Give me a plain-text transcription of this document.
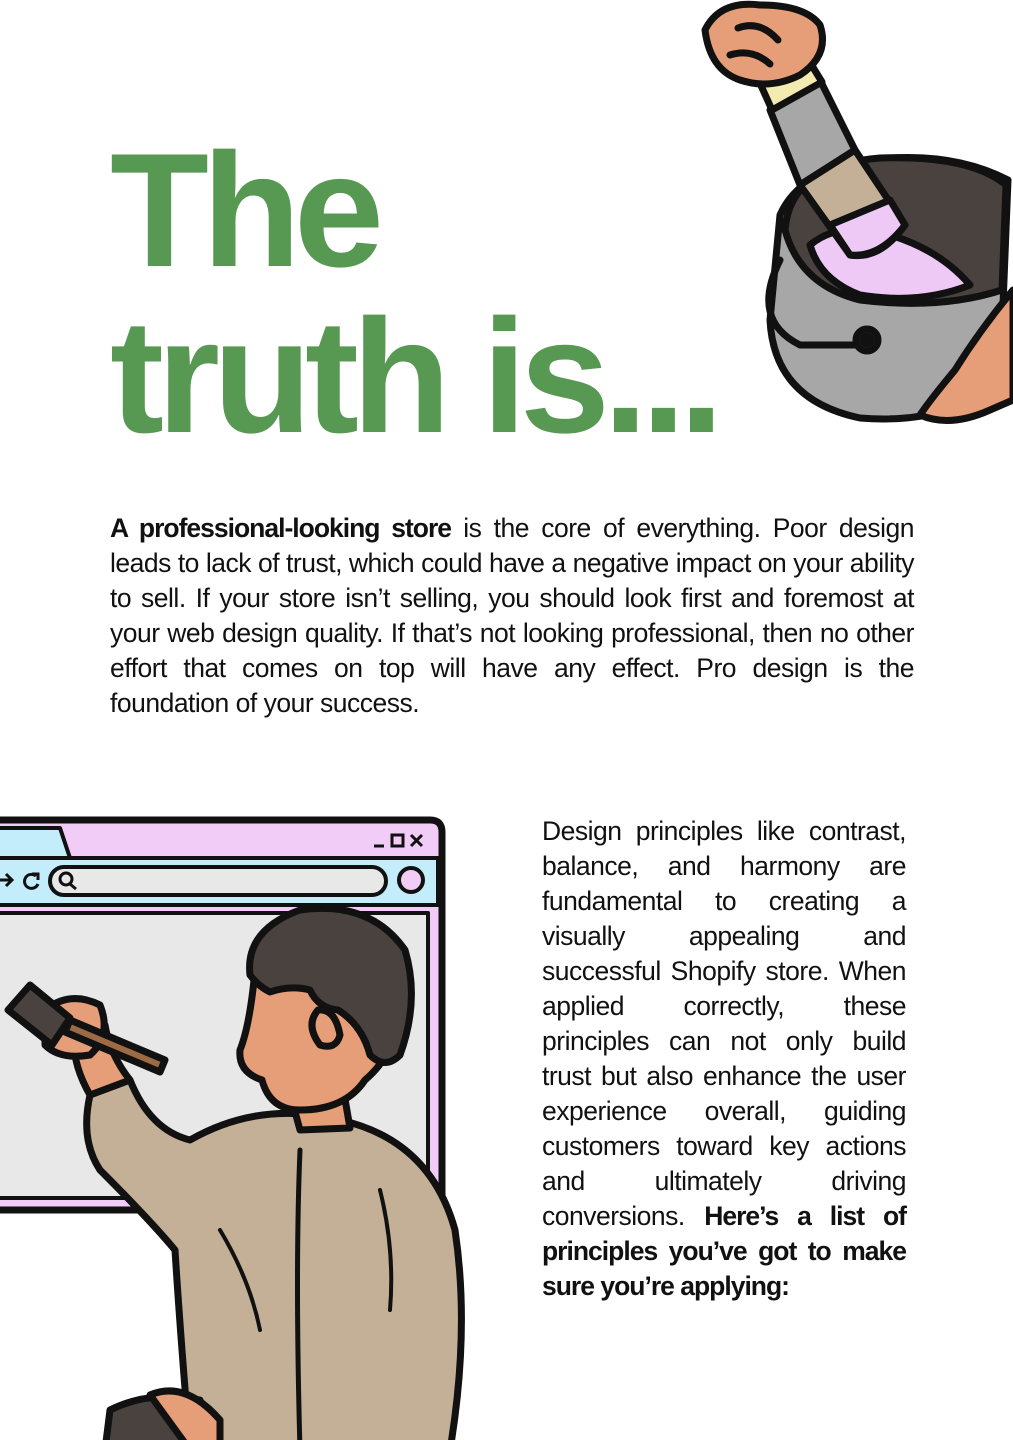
The
truth is...

A professional-looking store is the core of everything. Poor design leads to lack of trust, which could have a negative impact on your ability to sell. If your store isn’t selling, you should look first and foremost at your web design quality. If that’s not looking professional, then no other effort that comes on top will have any effect. Pro design is the foundation of your success.

Design principles like contrast, balance, and harmony are fundamental to creating a visually appealing and successful Shopify store. When applied correctly, these principles can not only build trust but also enhance the user experience overall, guiding customers toward key actions and ultimately driving conversions. Here’s a list of principles you’ve got to make sure you’re applying:
